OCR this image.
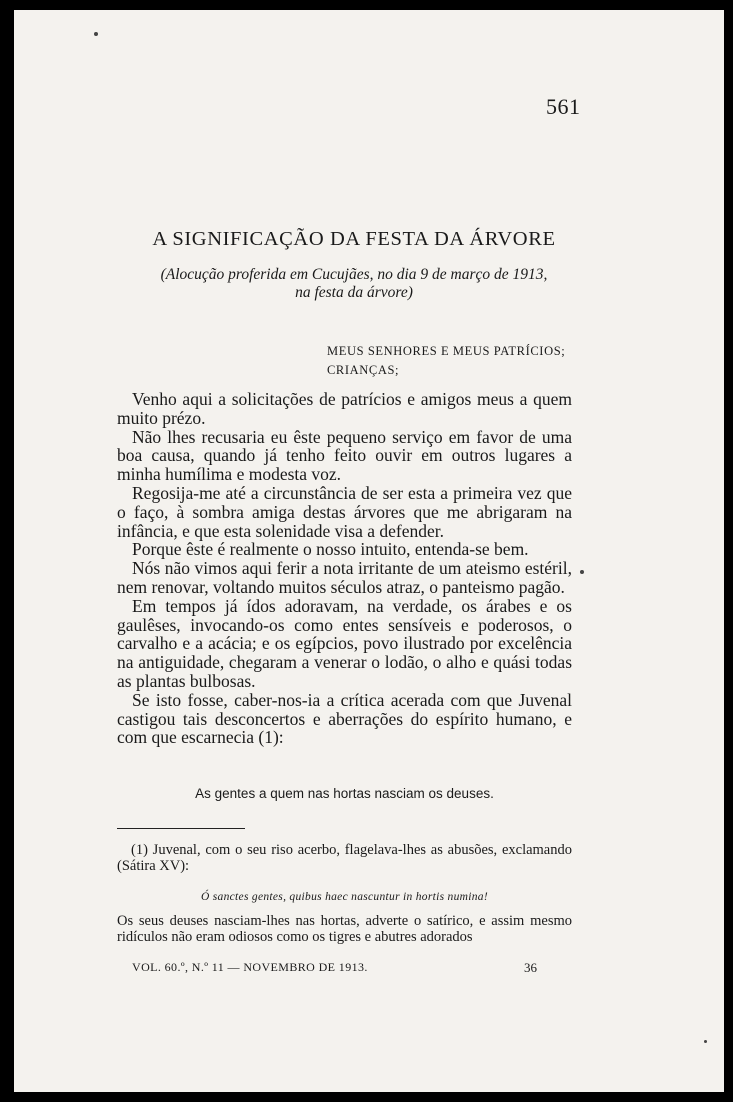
561
A SIGNIFICAÇÃO DA FESTA DA ÁRVORE
(Alocução proferida em Cucujães, no dia 9 de março de 1913,
na festa da árvore)
MEUS SENHORES E MEUS PATRÍCIOS;
CRIANÇAS;

Venho aqui a solicitações de patrícios e amigos meus a quem muito prézo.

Não lhes recusaria eu êste pequeno serviço em favor de uma boa causa, quando já tenho feito ouvir em outros lugares a minha humílima e modesta voz.

Regosija-me até a circunstância de ser esta a primeira vez que o faço, à sombra amiga destas árvores que me abrigaram na infância, e que esta solenidade visa a defender.

Porque êste é realmente o nosso intuito, entenda-se bem.

Nós não vimos aqui ferir a nota irritante de um ateismo estéril, nem renovar, voltando muitos séculos atraz, o panteismo pagão.

Em tempos já ídos adoravam, na verdade, os árabes e os gaulêses, invocando-os como entes sensíveis e poderosos, o carvalho e a acácia; e os egípcios, povo ilustrado por excelência na antiguidade, chegaram a venerar o lodão, o alho e quási todas as plantas bulbosas.

Se isto fosse, caber-nos-ia a crítica acerada com que Juvenal castigou tais desconcertos e aberrações do espírito humano, e com que escarnecia (1):

As gentes a quem nas hortas nasciam os deuses.

(1) Juvenal, com o seu riso acerbo, flagelava-lhes as abusões, exclamando (Sátira XV):

Ó sanctes gentes, quibus haec nascuntur in hortis numina!

Os seus deuses nasciam-lhes nas hortas, adverte o satírico, e assim mesmo ridículos não eram odiosos como os tigres e abutres adorados

VOL. 60.º, N.º 11 — NOVEMBRO DE 1913.	36
